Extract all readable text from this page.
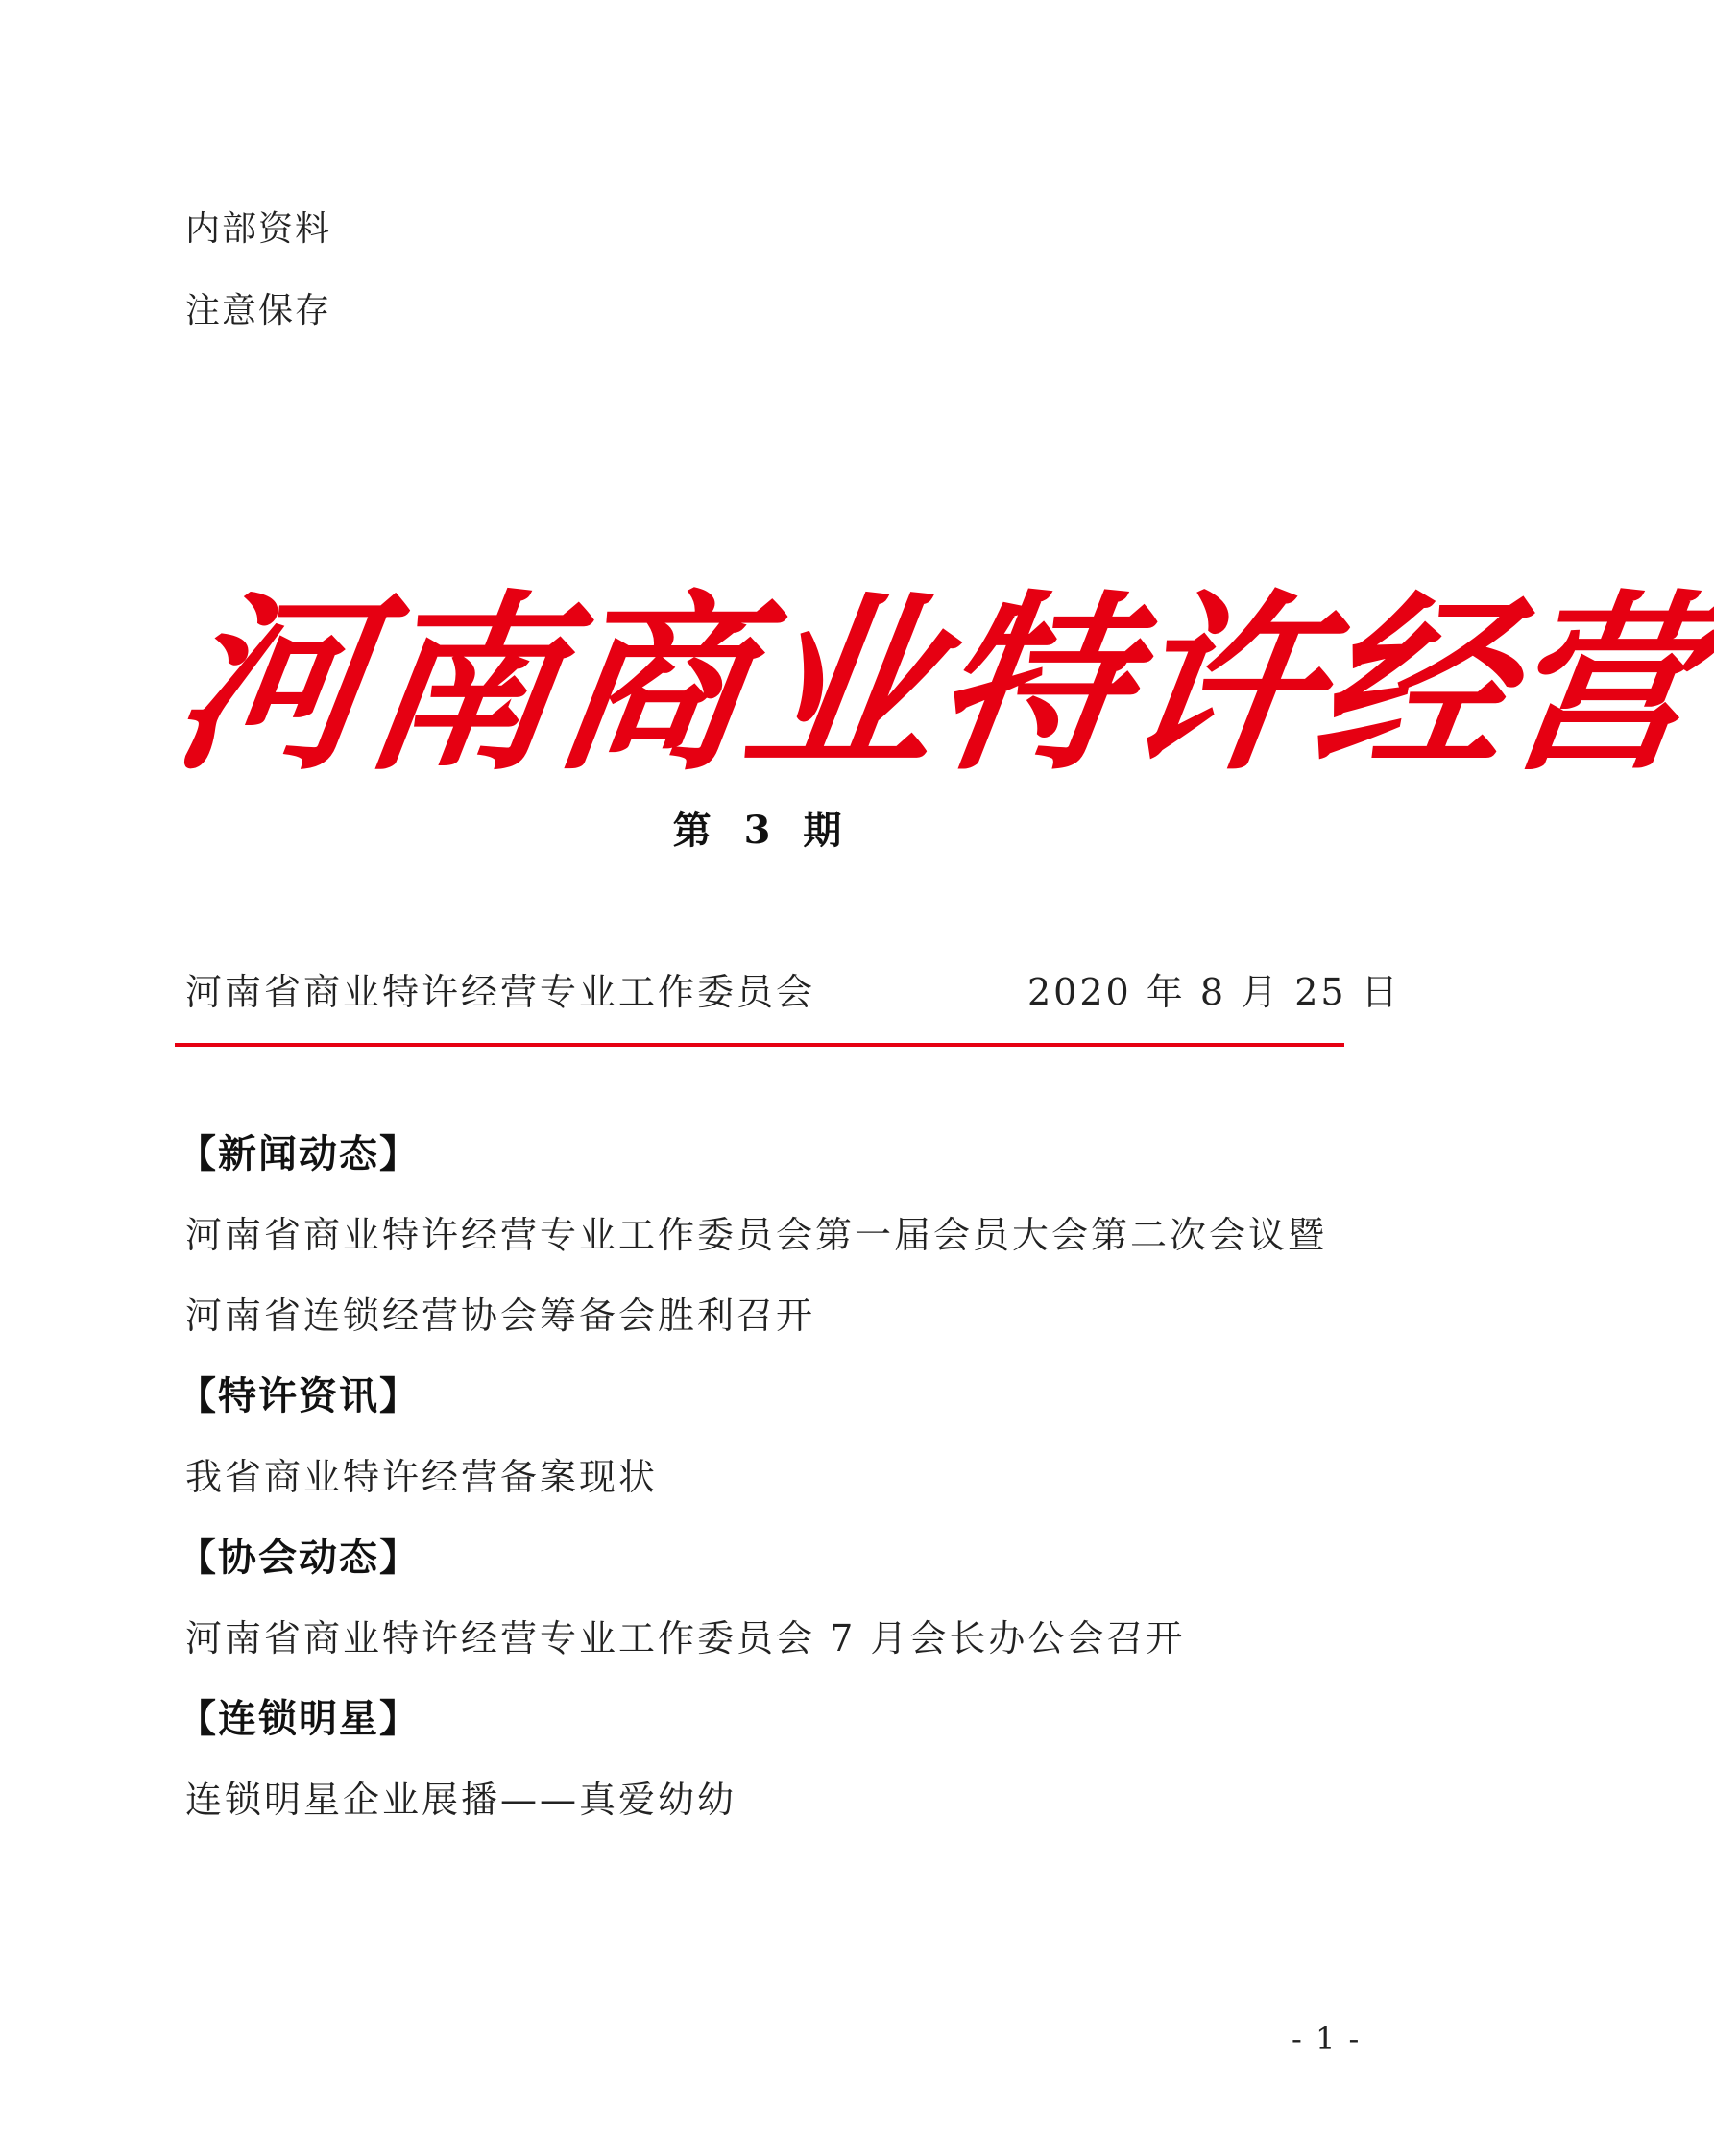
内部资料
注意保存
河
南
商
业
特
许
经
营
第 3 期
河南省商业特许经营专业工作委员会	2020 年 8 月 25 日
【新闻动态】
河南省商业特许经营专业工作委员会第一届会员大会第二次会议暨河南省连锁经营协会筹备会胜利召开
【特许资讯】
我省商业特许经营备案现状
【协会动态】
河南省商业特许经营专业工作委员会 7 月会长办公会召开
【连锁明星】
连锁明星企业展播——真爱幼幼
- 1 -
